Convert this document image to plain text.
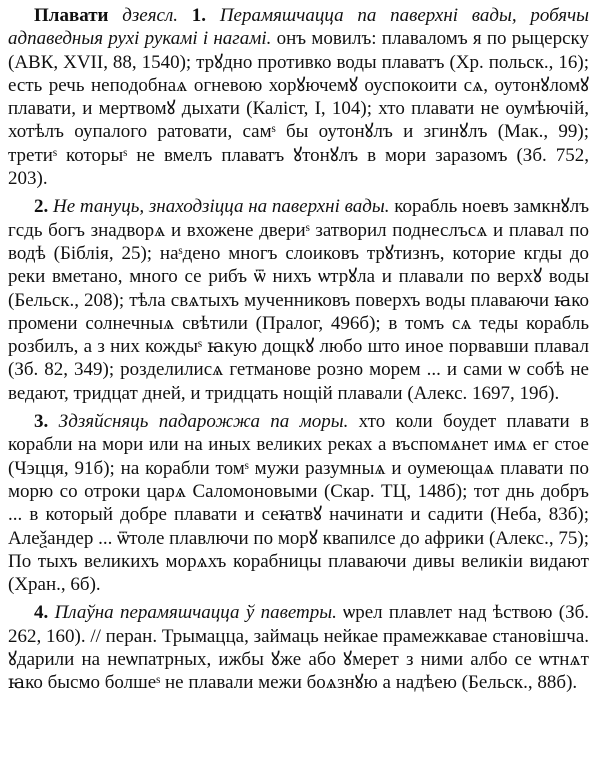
Плавати дзеясл. 1. Перамяшчацца па паверхні вады, робячы адпаведныя рухі рукамі і нагамі. онъ мовилъ: плаваломъ я по рыцерску (АВК, XVII, 88, 1540); трꙋдно противко воды плаватъ (Хр. польск., 16); есть речь неподобнаѧ огневою хорꙋючемꙋ оуспокоити сѧ, оутонꙋломꙋ плавати, и мертвомꙋ дыхати (Каліст, I, 104); хто плавати не оумѣючій, хотѣлъ оупалого ратовати, самˢ бы оутонꙋлъ и згинꙋлъ (Мак., 99); третиˢ которыˢ не вмелъ плаватъ ꙋтонꙋлъ в мори заразомъ (Зб. 752, 203).

2. Не тануць, знаходзіцца на паверхні вады. корабль ноевъ замкнꙋлъ гсдь богъ знадворѧ и вхожене двериˢ затворил поднеслъсѧ и плавал по водѣ (Біблія, 25); наˢдено многъ слоиковъ трꙋтизнъ, которие кгды до реки вметано, много се рибъ ѿ нихъ ѡтрꙋла и плавали по верхꙋ воды (Бельск., 208); тѣла свѧтыхъ мученниковъ поверхъ воды плаваючи ꙗко промени солнечныѧ свѣтили (Пралог, 496б); в томъ сѧ теды корабль розбилъ, а з них кождыˢ ꙗкую дощкꙋ любо што иное порвавши плавал (Зб. 82, 349); розделилисѧ гетманове розно морем ... и сами ѡ собѣ не ведают, тридцат дней, и тридцать нощій плавали (Алекс. 1697, 19б).

3. Здзяйсняць падарожжа па моры. хто коли боудет плавати в корабли на мори или на иных великих реках а въспомѧнет имѧ ег стое (Чэцця, 91б); на корабли томˢ мужи разумныѧ и оумеющаѧ плавати по морю со отроки царѧ Саломоновыми (Скар. ТЦ, 148б); тот днь добръ ... в который добре плавати и сеꙗтвꙋ начинати и садити (Неба, 83б); Алеѯандер ... ѿтоле плавлючи по морꙋ квапилсе до африки (Алекс., 75); По тыхъ великихъ морѧхъ корабницы плаваючи дивы великіи видают (Хран., 6б).

4. Плаўна перамяшчацца ў паветры. ѡрел плавлет над ѣствою (Зб. 262, 160). // перан. Трымацца, займаць нейкае прамежкавае становішча. ꙋдарили на неѡпатрных, ижбы ꙋже або ꙋмерет з ними албо се ѡтнѧт ꙗко бысмо болшеˢ не плавали межи боѧзнꙋю а надѣею (Бельск., 88б).
